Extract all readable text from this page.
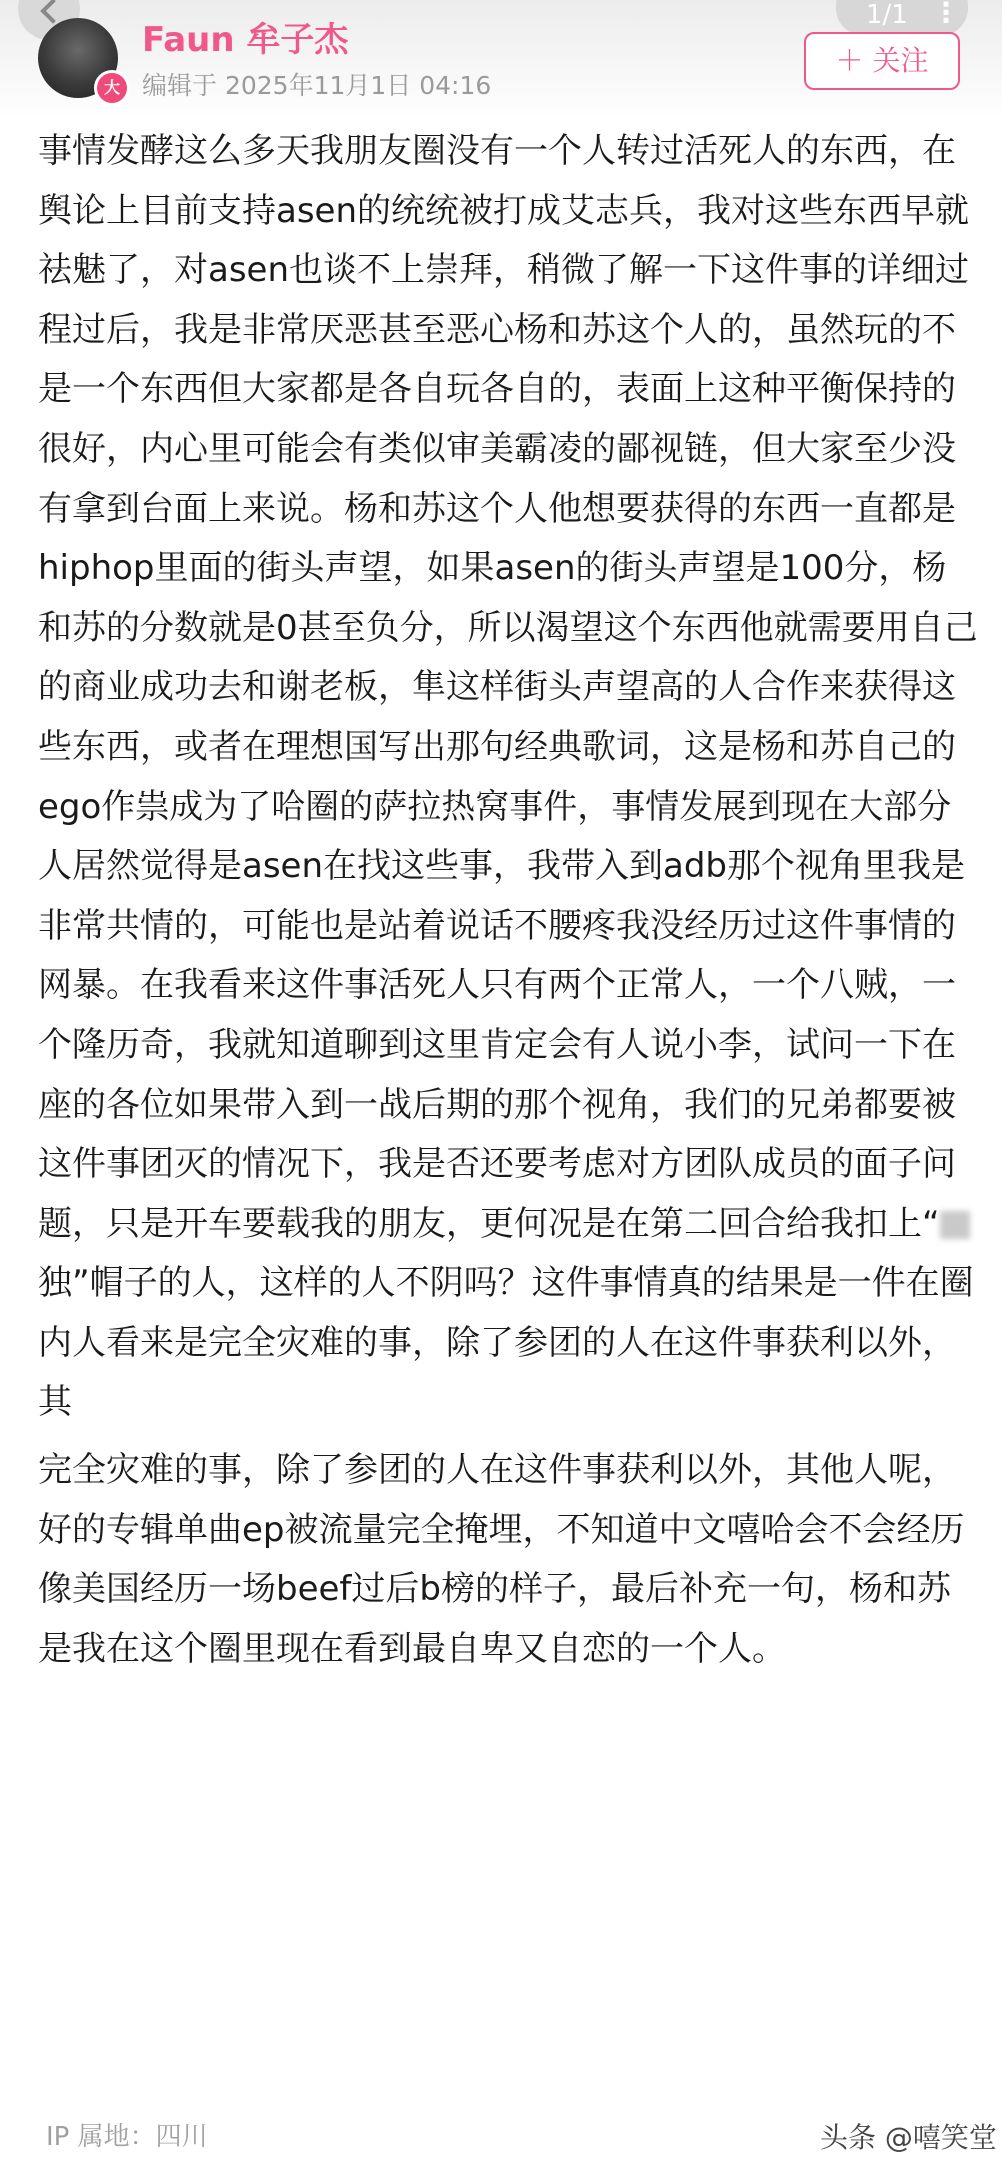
大
Faun 牟子杰
编辑于 2025年11月1日 04:16
1/1 ⋮
＋ 关注

事情发酵这么多天我朋友圈没有一个人转过活死人的东西，在舆论上目前支持asen的统统被打成艾志兵，我对这些东西早就祛魅了，对asen也谈不上崇拜，稍微了解一下这件事的详细过程过后，我是非常厌恶甚至恶心杨和苏这个人的，虽然玩的不是一个东西但大家都是各自玩各自的，表面上这种平衡保持的很好，内心里可能会有类似审美霸凌的鄙视链，但大家至少没有拿到台面上来说。杨和苏这个人他想要获得的东西一直都是hiphop里面的街头声望，如果asen的街头声望是100分，杨和苏的分数就是0甚至负分，所以渴望这个东西他就需要用自己的商业成功去和谢老板，隼这样街头声望高的人合作来获得这些东西，或者在理想国写出那句经典歌词，这是杨和苏自己的ego作祟成为了哈圈的萨拉热窝事件，事情发展到现在大部分人居然觉得是asen在找这些事，我带入到adb那个视角里我是非常共情的，可能也是站着说话不腰疼我没经历过这件事情的网暴。在我看来这件事活死人只有两个正常人，一个八贼，一个隆历奇，我就知道聊到这里肯定会有人说小李，试问一下在座的各位如果带入到一战后期的那个视角，我们的兄弟都要被这件事团灭的情况下，我是否还要考虑对方团队成员的面子问题，只是开车要载我的朋友，更何况是在第二回合给我扣上“独”帽子的人，这样的人不阴吗？这件事情真的结果是一件在圈内人看来是完全灾难的事，除了参团的人在这件事获利以外，其

完全灾难的事，除了参团的人在这件事获利以外，其他人呢，好的专辑单曲ep被流量完全掩埋，不知道中文嘻哈会不会经历像美国经历一场beef过后b榜的样子，最后补充一句，杨和苏是我在这个圈里现在看到最自卑又自恋的一个人。

IP 属地：四川	头条 @嘻笑堂
